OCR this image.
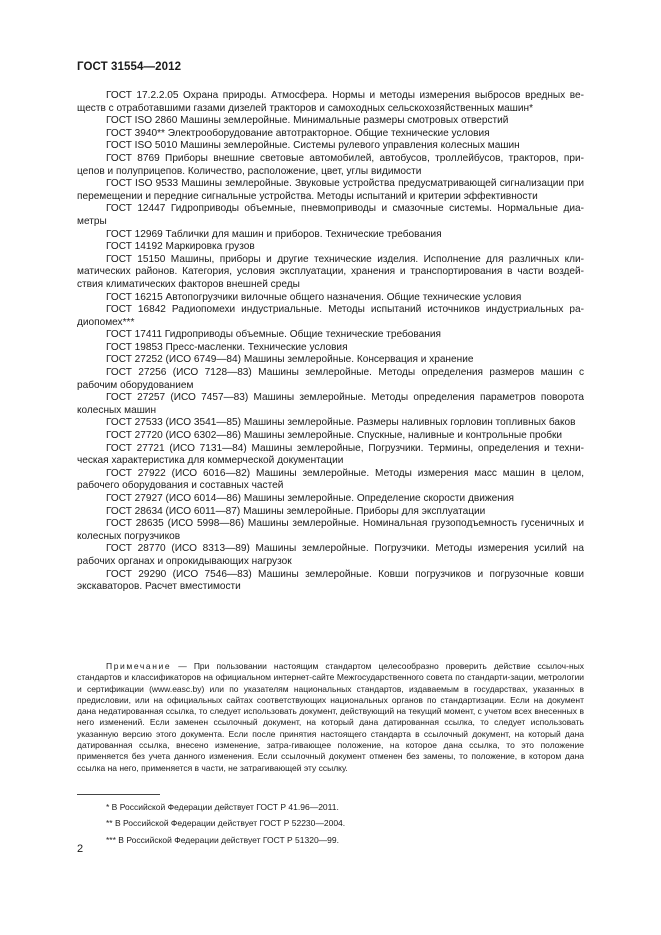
ГОСТ 31554—2012

ГОСТ 17.2.2.05 Охрана природы. Атмосфера. Нормы и методы измерения выбросов вредных ве-ществ с отработавшими газами дизелей тракторов и самоходных сельскохозяйственных машин*

ГОСТ ISO 2860 Машины землеройные. Минимальные размеры смотровых отверстий

ГОСТ 3940** Электрооборудование автотракторное. Общие технические условия

ГОСТ ISO 5010 Машины землеройные. Системы рулевого управления колесных машин

ГОСТ 8769 Приборы внешние световые автомобилей, автобусов, троллейбусов, тракторов, при-цепов и полуприцепов. Количество, расположение, цвет, углы видимости

ГОСТ ISO 9533 Машины землеройные. Звуковые устройства предусматривающей сигнализации при перемещении и передние сигнальные устройства. Методы испытаний и критерии эффективности

ГОСТ 12447 Гидроприводы объемные, пневмоприводы и смазочные системы. Нормальные диа-метры

ГОСТ 12969 Таблички для машин и приборов. Технические требования

ГОСТ 14192 Маркировка грузов

ГОСТ 15150 Машины, приборы и другие технические изделия. Исполнение для различных кли-матических районов. Категория, условия эксплуатации, хранения и транспортирования в части воздей-ствия климатических факторов внешней среды

ГОСТ 16215 Автопогрузчики вилочные общего назначения. Общие технические условия

ГОСТ 16842 Радиопомехи индустриальные. Методы испытаний источников индустриальных ра-диопомех***

ГОСТ 17411 Гидроприводы объемные. Общие технические требования

ГОСТ 19853 Пресс-масленки. Технические условия

ГОСТ 27252 (ИСО 6749—84) Машины землеройные. Консервация и хранение

ГОСТ 27256 (ИСО 7128—83) Машины землеройные. Методы определения размеров машин с рабочим оборудованием

ГОСТ 27257 (ИСО 7457—83) Машины землеройные. Методы определения параметров поворота колесных машин

ГОСТ 27533 (ИСО 3541—85) Машины землеройные. Размеры наливных горловин топливных баков

ГОСТ 27720 (ИСО 6302—86) Машины землеройные. Спускные, наливные и контрольные пробки

ГОСТ 27721 (ИСО 7131—84) Машины землеройные, Погрузчики. Термины, определения и техни-ческая характеристика для коммерческой документации

ГОСТ 27922 (ИСО 6016—82) Машины землеройные. Методы измерения масс машин в целом, рабочего оборудования и составных частей

ГОСТ 27927 (ИСО 6014—86) Машины землеройные. Определение скорости движения

ГОСТ 28634 (ИСО 6011—87) Машины землеройные. Приборы для эксплуатации

ГОСТ 28635 (ИСО 5998—86) Машины землеройные. Номинальная грузоподъемность гусеничных и колесных погрузчиков

ГОСТ 28770 (ИСО 8313—89) Машины землеройные. Погрузчики. Методы измерения усилий на рабочих органах и опрокидывающих нагрузок

ГОСТ 29290 (ИСО 7546—83) Машины землеройные. Ковши погрузчиков и погрузочные ковши экскаваторов. Расчет вместимости

Примечание — При пользовании настоящим стандартом целесообразно проверить действие ссылоч-ных стандартов и классификаторов на официальном интернет-сайте Межгосударственного совета по стандарти-зации, метрологии и сертификации (www.easc.by) или по указателям национальных стандартов, издаваемым в государствах, указанных в предисловии, или на официальных сайтах соответствующих национальных органов по стандартизации. Если на документ дана недатированная ссылка, то следует использовать документ, действующий на текущий момент, с учетом всех внесенных в него изменений. Если заменен ссылочный документ, на который дана датированная ссылка, то следует использовать указанную версию этого документа. Если после принятия настоящего стандарта в ссылочный документ, на который дана датированная ссылка, внесено изменение, затра-гивающее положение, на которое дана ссылка, то это положение применяется без учета данного изменения. Если ссылочный документ отменен без замены, то положение, в котором дана ссылка на него, применяется в части, не затрагивающей эту ссылку.

* В Российской Федерации действует ГОСТ Р 41.96—2011.

** В Российской Федерации действует ГОСТ Р 52230—2004.

*** В Российской Федерации действует ГОСТ Р 51320—99.

2
